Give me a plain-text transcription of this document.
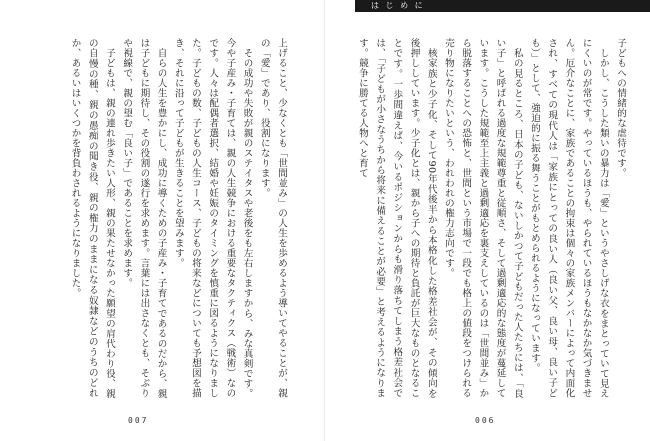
上げること、少なくとも「世間並み」の人生を歩めるよう導いてやることが、親の「愛」であり、役割になります。

その成功や失敗が親のステイタスや老後をも左右しますから、みな真剣です。今や子産み・子育ては、親の人生競争における重要なタクティクス（戦術）なのです。人々は配偶者選択、結婚や妊娠のタイミングを慎重に図るようになりました。子どもの数、子どもの人生コース、子どもの将来などについても予想図を描き、それに沿って子どもが生きることを望みます。

自らの人生を豊かにし、成功に導くための子産み・子育てであるのだから、親は子どもに期待し、その役割の遂行を求めます。言葉には出さなくとも、そぶりや視線で、親の望む「良い子」であることを求めます。

子どもは、親の連れ歩きたい人形、親の果たせなかった願望の肩代わり役、親の自慢の種、親の愚痴の聞き役、親の権力のままになる奴隷などのうちのどれか、あるいはいくつかを背負わされるようになりました。

007
は じ め に

子どもへの情緒的な虐待です。

しかし、こうした類いの暴力は「愛」というやさしげな衣をまとっていて見えにくいのが常です。やっているほうも、やられているほうもなかなか気づきません。厄介なことに、家族であることの拘束は個々の家族メンバーによって内面化され、すべての現代人は「家族にとっての良い人（良い父、良い母、良い子ども）」として、強迫的に振る舞うことがもとめられるようになっています。

私の見るところ、日本の子ども、ないしかつて子どもだった人たちには、「良い子」と呼ばれる過度な規範尊重と従順さ、そして過剰適応的な態度が蔓延しています。こうした規範至上主義と過剰適応を裏支えしているのは「世間並み」から脱落することへの恐怖と、世間という市場で一段でも格上の値段をつけられる売り物になりたいという、われわれの権力志向です。

核家族と少子化、そして90年代後半から本格化した格差社会が、その傾向を後押ししています。少子化とは、親から子への期待と負託が巨大なものとなることです。一歩間違えば、今いるポジションからも滑り落ちてしまう格差社会では、「子どもが小さなうちから将来に備えることが必要」と考えるようになります。競争に勝てる人物へと育て

006
